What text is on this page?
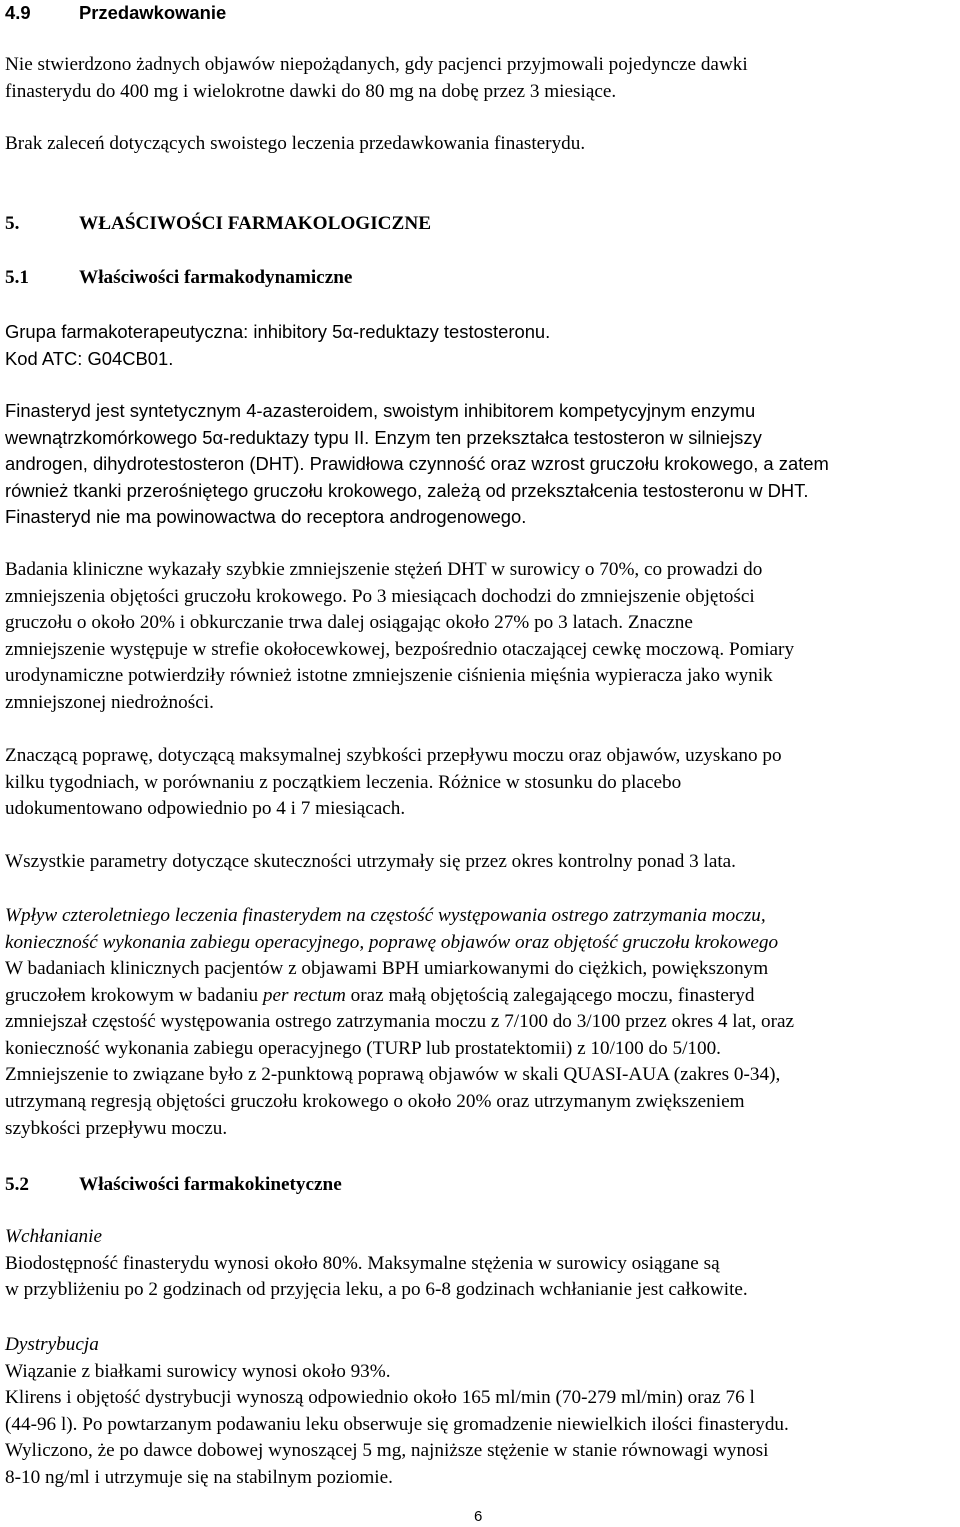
4.9	Przedawkowanie
Nie stwierdzono żadnych objawów niepożądanych, gdy pacjenci przyjmowali pojedyncze dawki
finasterydu do 400 mg i wielokrotne dawki do 80 mg na dobę przez 3 miesiące.
Brak zaleceń dotyczących swoistego leczenia przedawkowania finasterydu.
5.	WŁAŚCIWOŚCI FARMAKOLOGICZNE
5.1	Właściwości farmakodynamiczne
Grupa farmakoterapeutyczna: inhibitory 5α-reduktazy testosteronu.
Kod ATC: G04CB01.
Finasteryd jest syntetycznym 4-azasteroidem, swoistym inhibitorem kompetycyjnym enzymu
wewnątrzkomórkowego 5α-reduktazy typu II. Enzym ten przekształca testosteron w silniejszy
androgen, dihydrotestosteron (DHT). Prawidłowa czynność oraz wzrost gruczołu krokowego, a zatem
również tkanki przerośniętego gruczołu krokowego, zależą od przekształcenia testosteronu w DHT.
Finasteryd nie ma powinowactwa do receptora androgenowego.
Badania kliniczne wykazały szybkie zmniejszenie stężeń DHT w surowicy o 70%, co prowadzi do
zmniejszenia objętości gruczołu krokowego. Po 3 miesiącach dochodzi do zmniejszenie objętości
gruczołu o około 20% i obkurczanie trwa dalej osiągając około 27% po 3 latach. Znaczne
zmniejszenie występuje w strefie okołocewkowej, bezpośrednio otaczającej cewkę moczową. Pomiary
urodynamiczne potwierdziły również istotne zmniejszenie ciśnienia mięśnia wypieracza jako wynik
zmniejszonej niedrożności.
Znaczącą poprawę, dotyczącą maksymalnej szybkości przepływu moczu oraz objawów, uzyskano po
kilku tygodniach, w porównaniu z początkiem leczenia. Różnice w stosunku do placebo
udokumentowano odpowiednio po 4 i 7 miesiącach.
Wszystkie parametry dotyczące skuteczności utrzymały się przez okres kontrolny ponad 3 lata.
Wpływ czteroletniego leczenia finasterydem na częstość występowania ostrego zatrzymania moczu,
konieczność wykonania zabiegu operacyjnego, poprawę objawów oraz objętość gruczołu krokowego
W badaniach klinicznych pacjentów z objawami BPH umiarkowanymi do ciężkich, powiększonym
gruczołem krokowym w badaniu per rectum oraz małą objętością zalegającego moczu, finasteryd
zmniejszał częstość występowania ostrego zatrzymania moczu z 7/100 do 3/100 przez okres 4 lat, oraz
konieczność wykonania zabiegu operacyjnego (TURP lub prostatektomii) z 10/100 do 5/100.
Zmniejszenie to związane było z 2-punktową poprawą objawów w skali QUASI-AUA (zakres 0-34),
utrzymaną regresją objętości gruczołu krokowego o około 20% oraz utrzymanym zwiększeniem
szybkości przepływu moczu.
5.2	Właściwości farmakokinetyczne
Wchłanianie
Biodostępność finasterydu wynosi około 80%. Maksymalne stężenia w surowicy osiągane są
w przybliżeniu po 2 godzinach od przyjęcia leku, a po 6-8 godzinach wchłanianie jest całkowite.
Dystrybucja
Wiązanie z białkami surowicy wynosi około 93%.
Klirens i objętość dystrybucji wynoszą odpowiednio około 165 ml/min (70-279 ml/min) oraz 76 l
(44-96 l). Po powtarzanym podawaniu leku obserwuje się gromadzenie niewielkich ilości finasterydu.
Wyliczono, że po dawce dobowej wynoszącej 5 mg, najniższe stężenie w stanie równowagi wynosi
8-10 ng/ml i utrzymuje się na stabilnym poziomie.
6
